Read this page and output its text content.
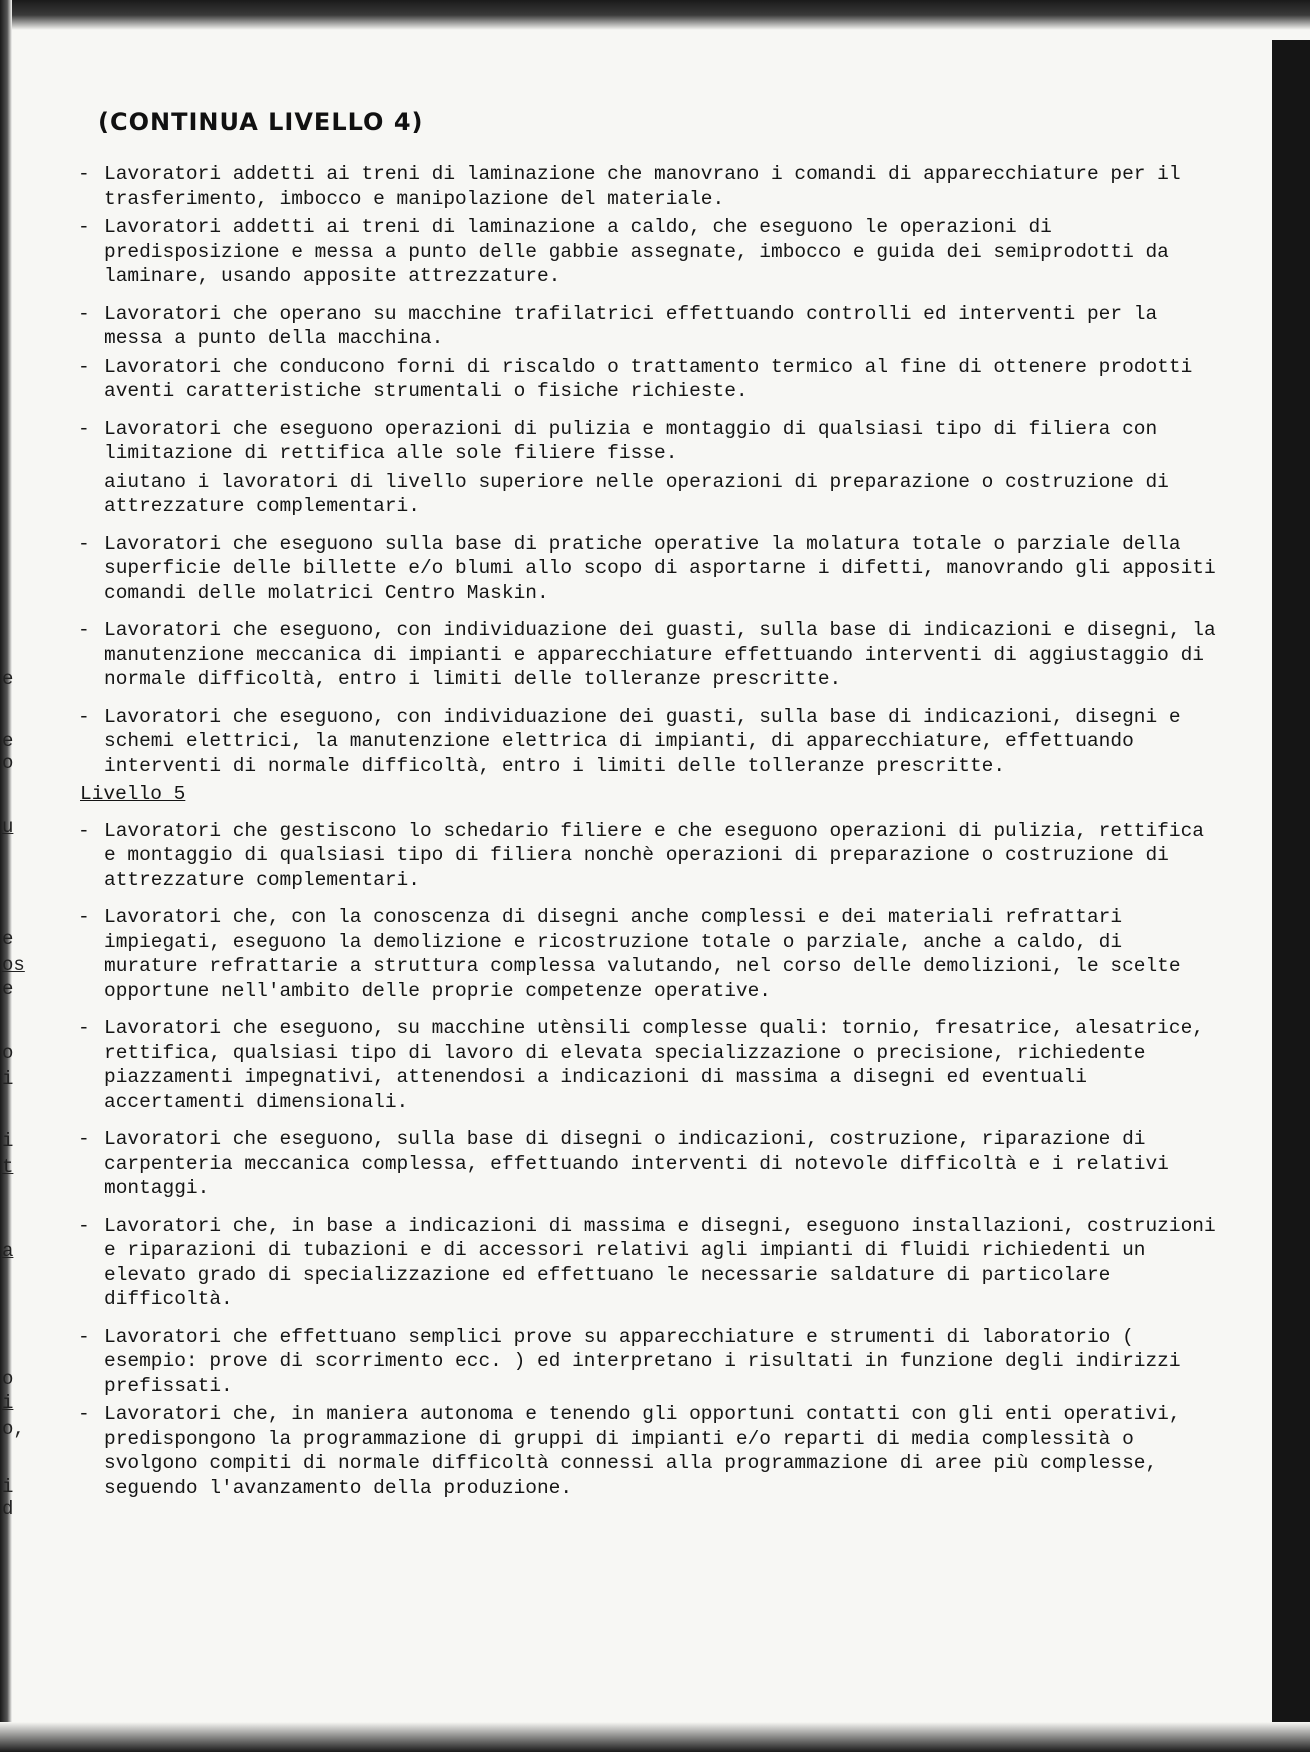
e
e
o
u
e
os
e
o
i
i
t
a
o
i
o,
i d
(CONTINUA LIVELLO 4)
- Lavoratori addetti ai treni di laminazione che manovrano i comandi di apparecchiature per il trasferimento, imbocco e manipolazione del materiale.
- Lavoratori addetti ai treni di laminazione a caldo, che eseguono le operazioni di predisposizione e messa a punto delle gabbie assegnate, imbocco e guida dei semiprodotti da laminare, usando apposite attrezzature.
- Lavoratori che operano su macchine trafilatrici effettuando controlli ed interventi per la messa a punto della macchina.
- Lavoratori che conducono forni di riscaldo o trattamento termico al fine di ottenere prodotti aventi caratteristiche strumentali o fisiche richieste.
- Lavoratori che eseguono operazioni di pulizia e montaggio di qualsiasi tipo di filiera con limitazione di rettifica alle sole filiere fisse.
aiutano i lavoratori di livello superiore nelle operazioni di preparazione o costruzione di attrezzature complementari.
- Lavoratori che eseguono sulla base di pratiche operative la molatura totale o parziale della superficie delle billette e/o blumi allo scopo di asportarne i difetti, manovrando gli appositi comandi delle molatrici Centro Maskin.
- Lavoratori che eseguono, con individuazione dei guasti, sulla base di indicazioni e disegni, la manutenzione meccanica di impianti e apparecchiature effettuando interventi di aggiustaggio di normale difficoltà, entro i limiti delle tolleranze prescritte.
- Lavoratori che eseguono, con individuazione dei guasti, sulla base di indicazioni, disegni e schemi elettrici, la manutenzione elettrica di impianti, di apparecchiature, effettuando interventi di normale difficoltà, entro i limiti delle tolleranze prescritte.
Livello 5
- Lavoratori che gestiscono lo schedario filiere e che eseguono operazioni di pulizia, rettifica e montaggio di qualsiasi tipo di filiera nonchè operazioni di preparazione o costruzione di attrezzature complementari.
- Lavoratori che, con la conoscenza di disegni anche complessi e dei materiali refrattari impiegati, eseguono la demolizione e ricostruzione totale o parziale, anche a caldo, di murature refrattarie a struttura complessa valutando, nel corso delle demolizioni, le scelte opportune nell'ambito delle proprie competenze operative.
- Lavoratori che eseguono, su macchine utènsili complesse quali: tornio, fresatrice, alesatrice, rettifica, qualsiasi tipo di lavoro di elevata specializzazione o precisione, richiedente piazzamenti impegnativi, attenendosi a indicazioni di massima a disegni ed eventuali accertamenti dimensionali.
- Lavoratori che eseguono, sulla base di disegni o indicazioni, costruzione, riparazione di carpenteria meccanica complessa, effettuando interventi di notevole difficoltà e i relativi montaggi.
- Lavoratori che, in base a indicazioni di massima e disegni, eseguono installazioni, costruzioni e riparazioni di tubazioni e di accessori relativi agli impianti di fluidi richiedenti un elevato grado di specializzazione ed effettuano le necessarie saldature di particolare difficoltà.
- Lavoratori che effettuano semplici prove su apparecchiature e strumenti di laboratorio ( esempio: prove di scorrimento ecc. ) ed interpretano i risultati in funzione degli indirizzi prefissati.
- Lavoratori che, in maniera autonoma e tenendo gli opportuni contatti con gli enti operativi, predispongono la programmazione di gruppi di impianti e/o reparti di media complessità o svolgono compiti di normale difficoltà connessi alla programmazione di aree più complesse, seguendo l'avanzamento della produzione.
